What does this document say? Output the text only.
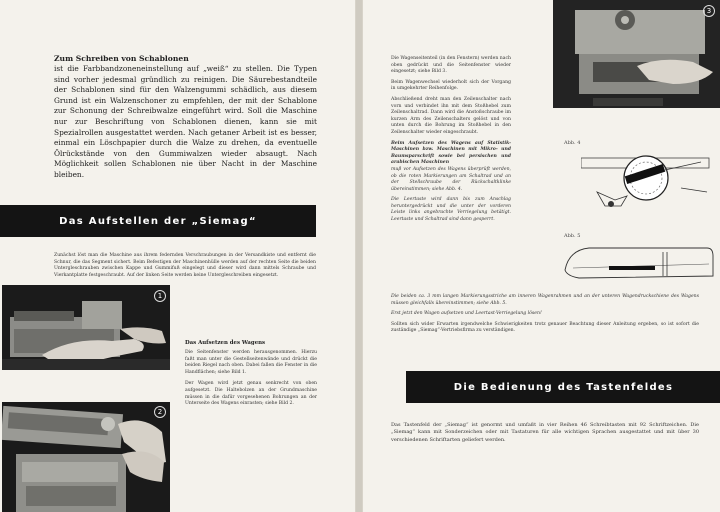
Zum Schreiben von Schablonen
ist die Farbbandzoneneinstellung auf „weiß“ zu stellen. Die Typen sind vorher jedesmal gründlich zu reinigen. Die Säurebestandteile der Schablonen sind für den Walzengummi schädlich, aus diesem Grund ist ein Walzenschoner zu empfehlen, der mit der Schablone zur Schonung der Schreibwalze eingeführt wird. Soll die Maschine nur zur Beschriftung von Schablonen dienen, kann sie mit Spezialrollen ausgestattet werden. Nach getaner Arbeit ist es besser, einmal ein Löschpapier durch die Walze zu drehen, da eventuelle Ölrückstände von den Gummiwalzen wieder absaugt. Nach Möglichkeit sollen Schablonen nie über Nacht in der Maschine bleiben.
Das Aufstellen der „Siemag“
Zunächst löst man die Maschine aus ihrem federnden Verschraubungen in der Versandkiste und entfernt die Schnur, die das Segment sichert. Beim Befestigen der Maschinenhülle werden auf der rechten Seite die beiden Untergleschrauben zwischen Kappe und Gummifuß eingelegt und dieser wird dann mittels Schraube und Vierkantplatte festgeschraubt. Auf der linken Seite werden keine Untergleschreiben eingesetzt.
1
Das Aufsetzen des Wagens
Die Seitenfenster werden herausgenommen. Hierzu faßt man unter die Gestellseitenwände und drückt die beiden Riegel nach oben. Dabei fallen die Fenster in die Handflächen; siehe Bild 1.
Der Wagen wird jetzt genau senkrecht von oben aufgesetzt. Die Haltebolzen an der Grundmaschine müssen in die dafür vorgesehenen Bohrungen an der Unterseite des Wagens einrasten; siehe Bild 2.
2
Die Wagenseitenteil (in den Fenstern) werden nach oben gedrückt und die Seitenfenster wieder eingesetzt; siehe Bild 3.
Beim Wagenwechsel wiederholt sich der Vorgang in umgekehrter Reihenfolge.
Abschließend dreht man den Zeilenschalter nach vorn und verbindet ihn mit dem Stoßhebel zum Zeilenschaltrad. Dann wird die Anstoßschraube im kurzen Arm des Zeilenschalters gelöst und von unten durch die Bohrung im Stoßhebel in den Zeilenschalter wieder eingeschraubt.
Beim Aufsetzen des Wagens auf Statistik-Maschinen bzw. Maschinen mit Mikro- und Baumsparschrift sowie bei persischen und arabischen Maschinen
muß vor Aufsetzen des Wagens überprüft werden, ob die roten Markierungen am Schaltrad und an der Stellschraube der Rückschaltklinke übereinstimmen; siehe Abb. 4.
Die Leertaste wird dann bis zum Anschlag heruntergedrückt und die unter der vorderen Leiste links angebrachte Verriegelung betätigt. Leertaste und Schaltrad sind dann gesperrt.
Die beiden ca. 3 mm langen Markierungsstriche am inneren Wagenrahmen und an der unteren Wagendruckschiene des Wagens müssen gleichfalls übereinstimmen; siehe Abb. 5.
Erst jetzt den Wagen aufsetzen und Leertast-Verriegelung lösen!
Sollten sich wider Erwarten irgendwelche Schwierigkeiten trotz genauer Beachtung dieser Anleitung ergeben, so ist sofort die zuständige „Siemag“-Vertriebsfirma zu verständigen.
3
Abb. 4
Abb. 5
Die Bedienung des Tastenfeldes
Das Tastenfeld der „Siemag“ ist genormt und umfaßt in vier Reihen 46 Schreibtasten mit 92 Schriftzeichen. Die „Siemag“ kann mit Sonderzeichen oder mit Tastaturen für alle wichtigen Sprachen ausgestattet und mit über 30 verschiedenen Schriftarten geliefert werden.
